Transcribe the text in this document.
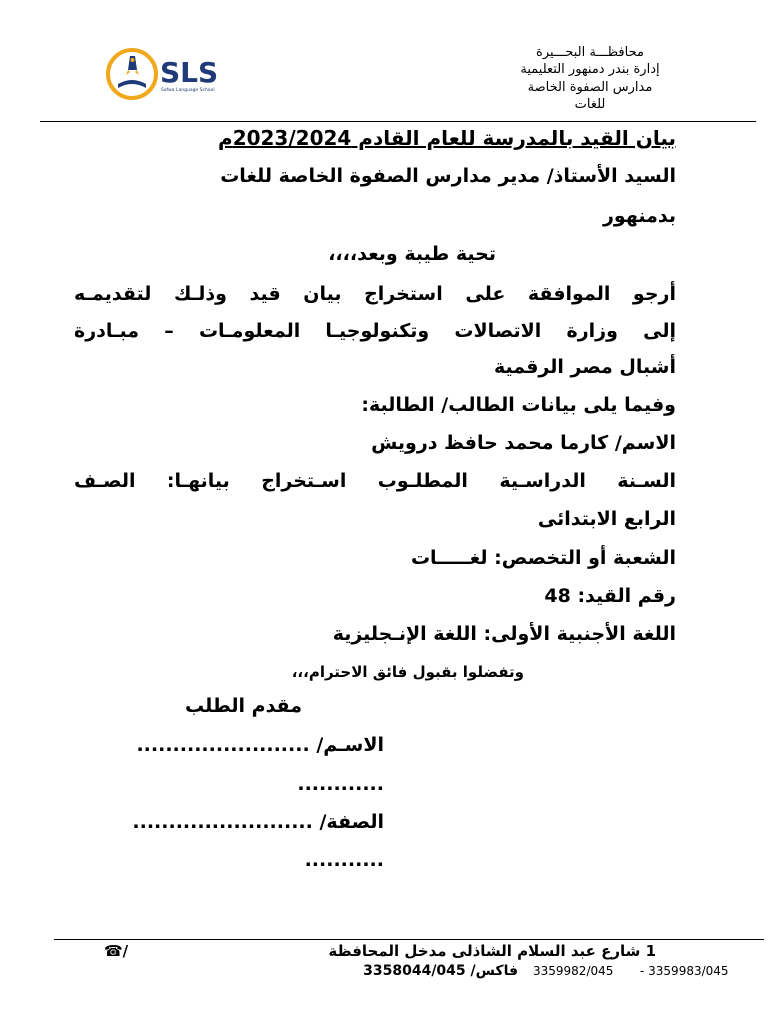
SLS
Safwa Language School
محافظـــة البحـــيرة
إدارة بندر دمنهور التعليمية
مدارس الصفوة الخاصة
للغات
بيان القيد بالمدرسة للعام القادم 2023/2024م
السيد الأستاذ/ مدير مدارس الصفوة الخاصة للغات
بدمنهور
تحية طيبة وبعد،،،،
أرجو الموافقة على استخراج بيان قيد وذلـك لتقديمـه
إلى وزارة الاتصالات وتكنولوجيـا المعلومـات – مبـادرة
أشبال مصر الرقمية
وفيما يلى بيانات الطالب/ الطالبة:
الاسم/ كارما محمد حافظ درويش
السـنة الدراسـية المطلـوب اسـتخراج بيانهـا: الصـف
الرابع الابتدائى
الشعبة أو التخصص: لغـــــات
رقم القيد: 48
اللغة الأجنبية الأولى: اللغة الإنـجليزية
وتفضلوا بقبول فائق الاحترام،،،
مقدم الطلب
الاسـم/ ........................
............
الصفة/ .........................
...........
1 شارع عبد السلام الشاذلى مدخل المحافظة
☎/
3359983/045 -
3359982/045
فاكس/ 3358044/045
